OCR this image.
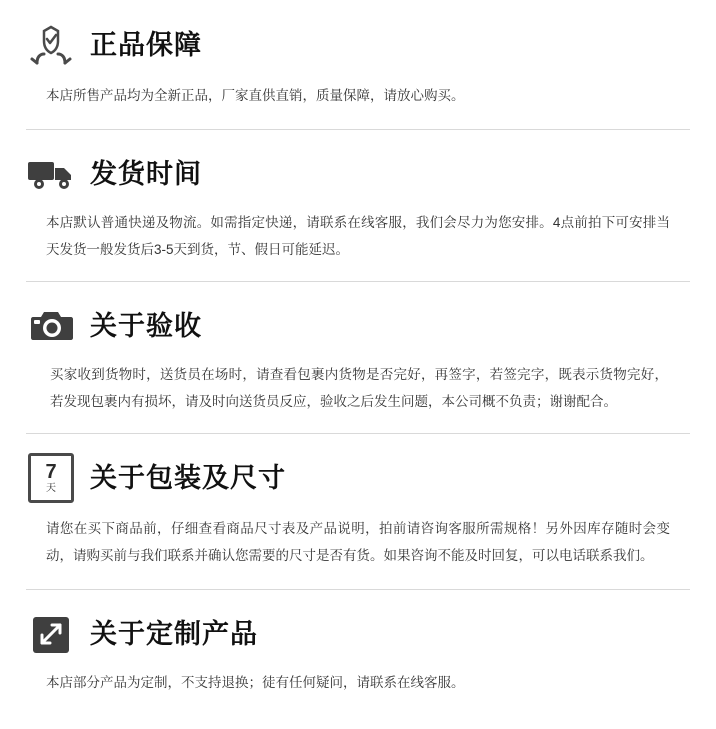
正品保障
本店所售产品均为全新正品，厂家直供直销，质量保障，请放心购买。
发货时间
本店默认普通快递及物流。如需指定快递，请联系在线客服，我们会尽力为您安排。4点前拍下可安排当天发货一般发货后3-5天到货，节、假日可能延迟。
关于验收
买家收到货物时，送货员在场时，请查看包裹内货物是否完好，再签字，若签完字，既表示货物完好，若发现包裹内有损坏，请及时向送货员反应，验收之后发生问题，本公司概不负责；谢谢配合。
7
天 关于包装及尺寸
请您在买下商品前，仔细查看商品尺寸表及产品说明，拍前请咨询客服所需规格！另外因库存随时会变动，请购买前与我们联系并确认您需要的尺寸是否有货。如果咨询不能及时回复，可以电话联系我们。
关于定制产品
本店部分产品为定制，不支持退换；徒有任何疑问，请联系在线客服。
